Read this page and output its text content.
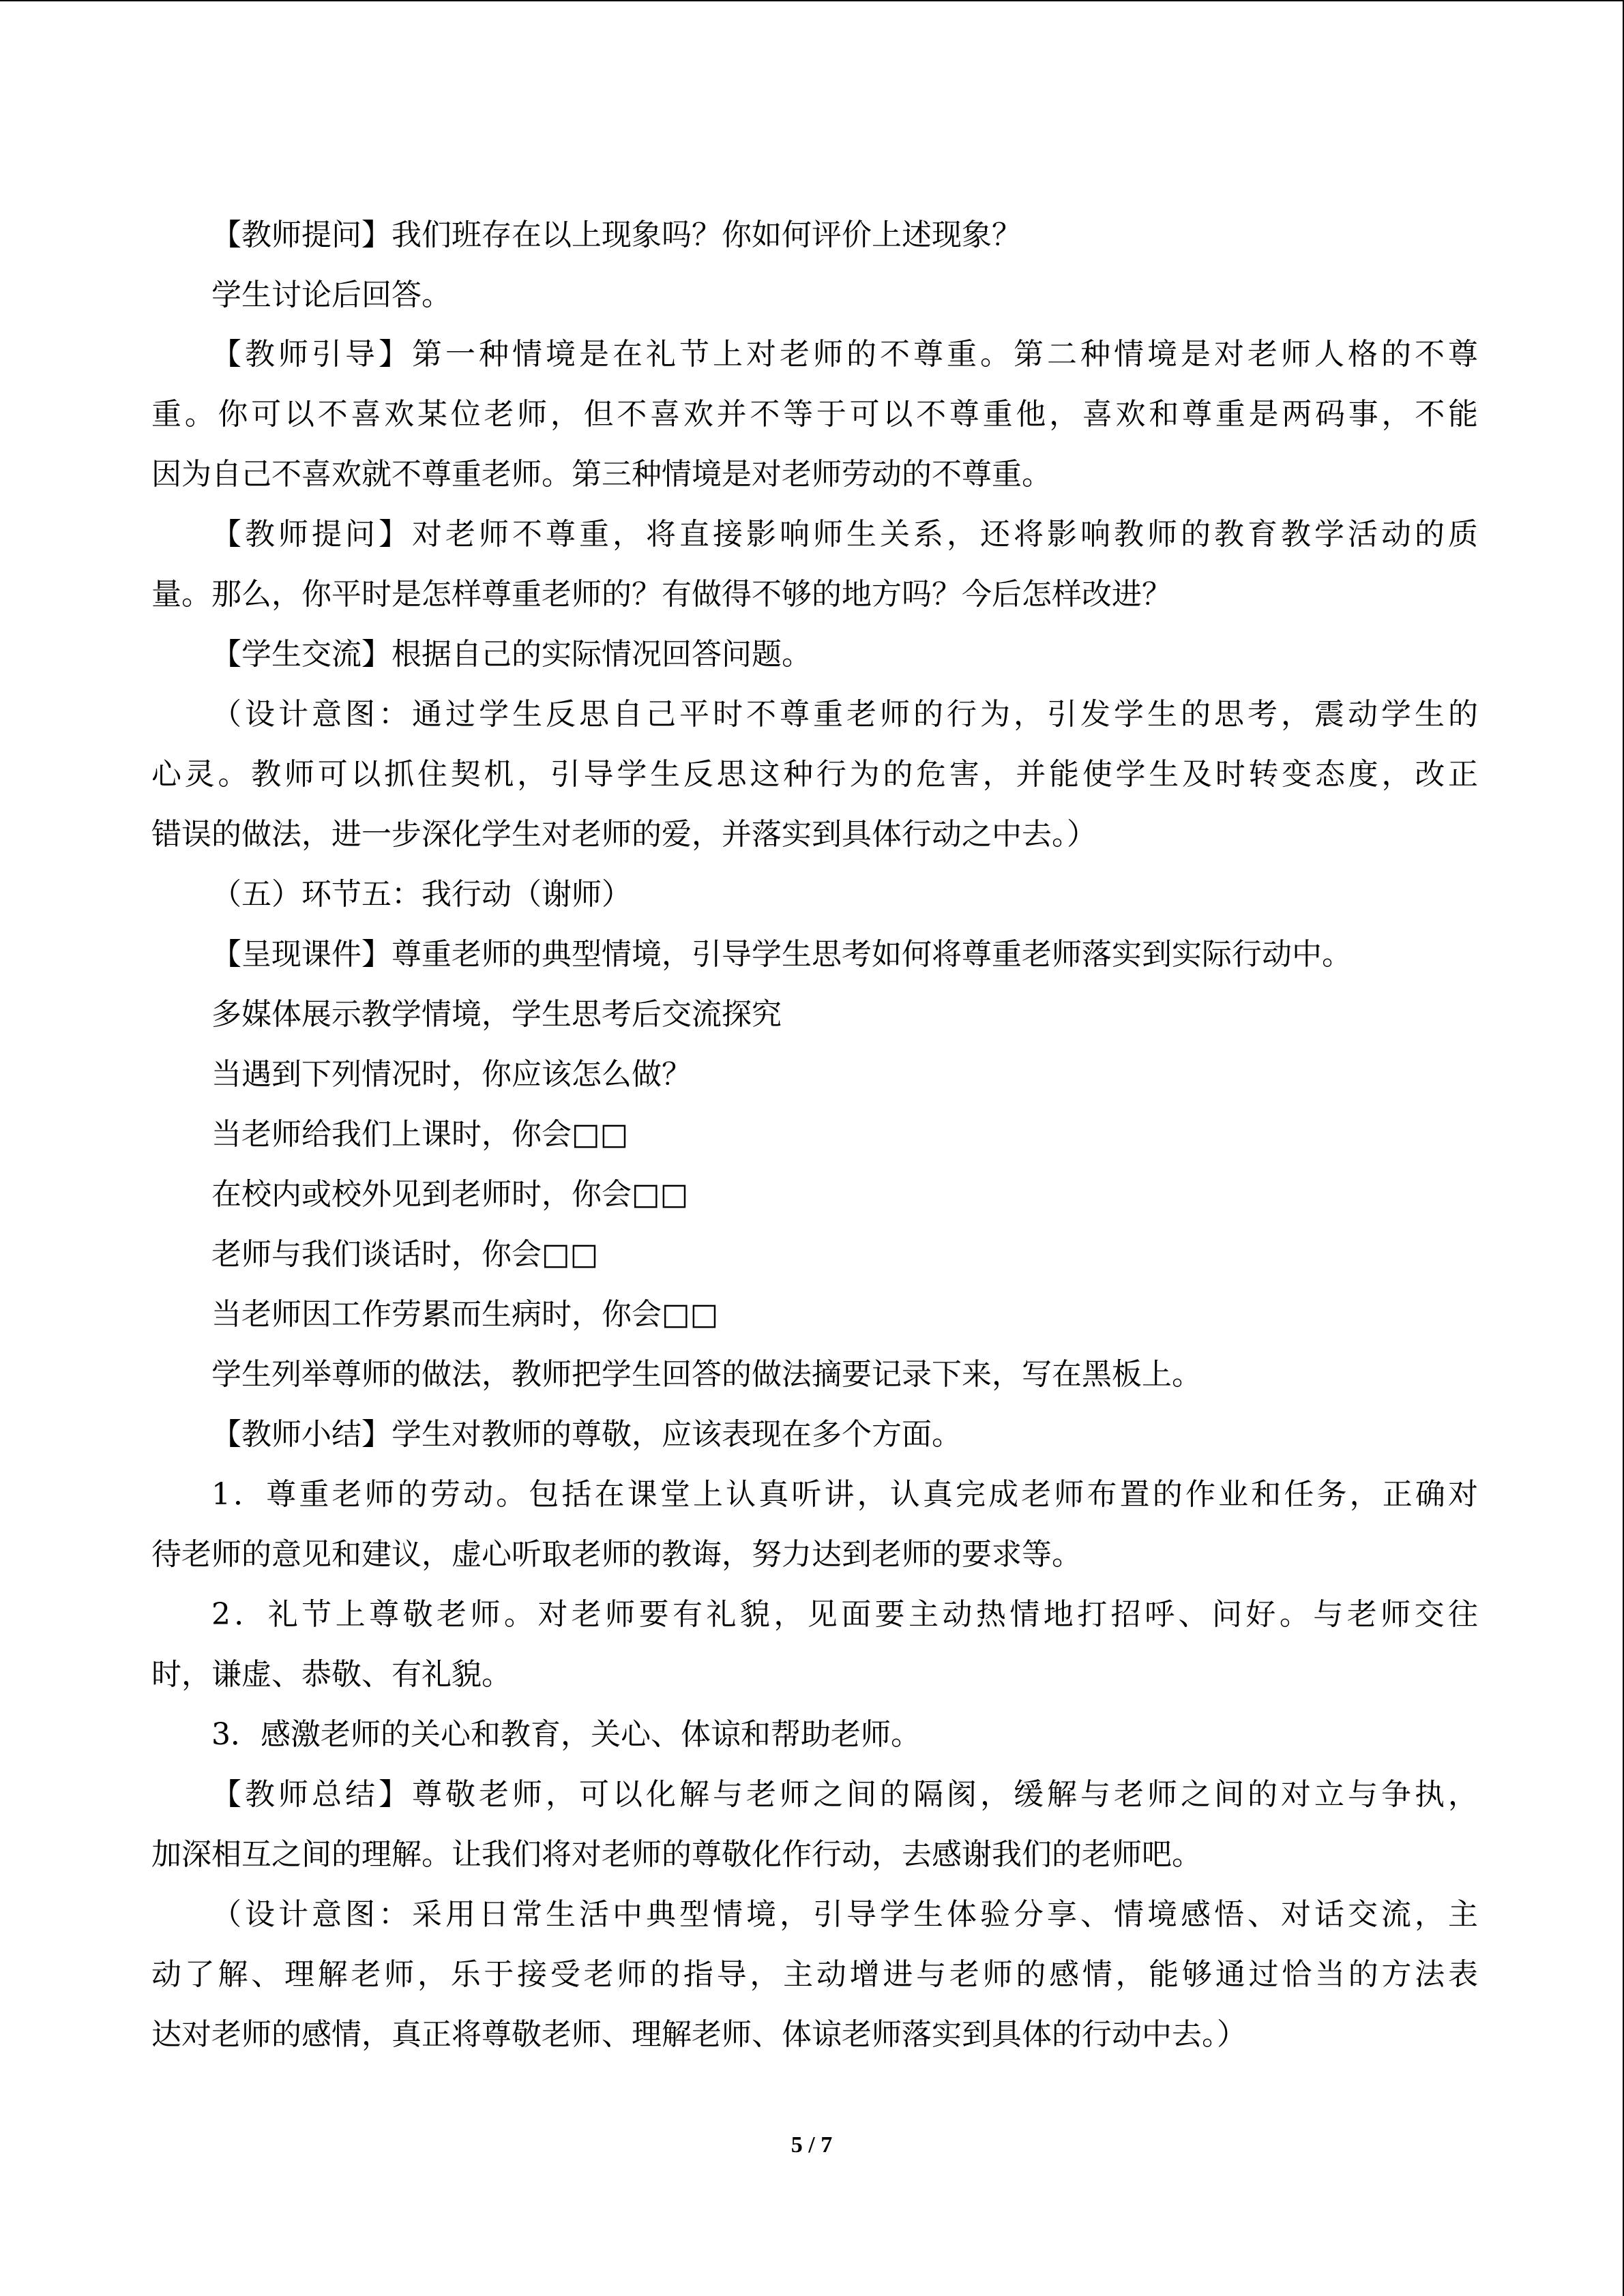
【教师提问】我们班存在以上现象吗？你如何评价上述现象？
学生讨论后回答。
【教师引导】第一种情境是在礼节上对老师的不尊重。第二种情境是对老师人格的不尊
重。你可以不喜欢某位老师，但不喜欢并不等于可以不尊重他，喜欢和尊重是两码事，不能
因为自己不喜欢就不尊重老师。第三种情境是对老师劳动的不尊重。
【教师提问】对老师不尊重，将直接影响师生关系，还将影响教师的教育教学活动的质
量。那么，你平时是怎样尊重老师的？有做得不够的地方吗？今后怎样改进？
【学生交流】根据自己的实际情况回答问题。
（设计意图：通过学生反思自己平时不尊重老师的行为，引发学生的思考，震动学生的
心灵。教师可以抓住契机，引导学生反思这种行为的危害，并能使学生及时转变态度，改正
错误的做法，进一步深化学生对老师的爱，并落实到具体行动之中去。）
（五）环节五：我行动（谢师）
【呈现课件】尊重老师的典型情境，引导学生思考如何将尊重老师落实到实际行动中。
多媒体展示教学情境，学生思考后交流探究
当遇到下列情况时，你应该怎么做？
当老师给我们上课时，你会□□
在校内或校外见到老师时，你会□□
老师与我们谈话时，你会□□
当老师因工作劳累而生病时，你会□□
学生列举尊师的做法，教师把学生回答的做法摘要记录下来，写在黑板上。
【教师小结】学生对教师的尊敬，应该表现在多个方面。
1．尊重老师的劳动。包括在课堂上认真听讲，认真完成老师布置的作业和任务，正确对
待老师的意见和建议，虚心听取老师的教诲，努力达到老师的要求等。
2．礼节上尊敬老师。对老师要有礼貌，见面要主动热情地打招呼、问好。与老师交往
时，谦虚、恭敬、有礼貌。
3．感激老师的关心和教育，关心、体谅和帮助老师。
【教师总结】尊敬老师，可以化解与老师之间的隔阂，缓解与老师之间的对立与争执，
加深相互之间的理解。让我们将对老师的尊敬化作行动，去感谢我们的老师吧。
（设计意图：采用日常生活中典型情境，引导学生体验分享、情境感悟、对话交流，主
动了解、理解老师，乐于接受老师的指导，主动增进与老师的感情，能够通过恰当的方法表
达对老师的感情，真正将尊敬老师、理解老师、体谅老师落实到具体的行动中去。）
5 / 7
